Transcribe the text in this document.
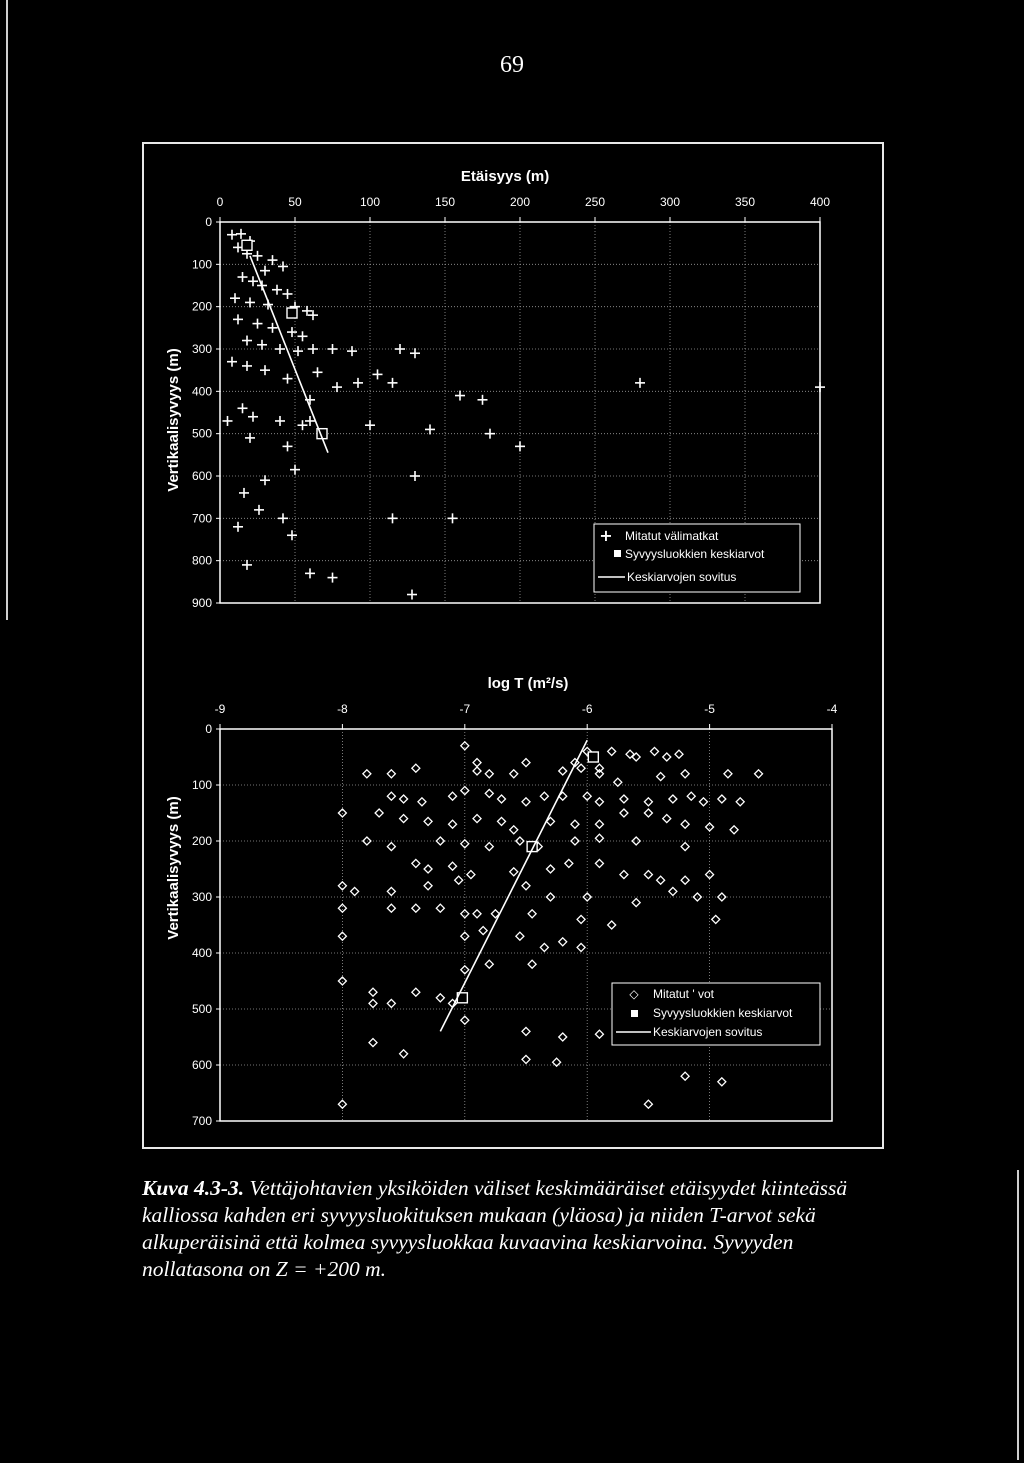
69
Etäisyys (m)
Vertikaalisyvyys (m)
0	50	100	150	200	250	300	350	400
0
100
200
300
400
500
600
700
800
900
+ Mitatut välimatkat
Syvyysluokkien keskiarvot
Keskiarvojen sovitus
log T (m²/s)
Vertikaalisyvyys (m)
-9	-8	-7	-6	-5	-4
0
100
200
300
400
500
600
700
◇ Mitatut ' vot
Syvyysluokkien keskiarvot
Keskiarvojen sovitus
Kuva 4.3-3. Vettäjohtavien yksiköiden väliset keskimääräiset etäisyydet kiinteässä kalliossa kahden eri syvyysluokituksen mukaan (yläosa) ja niiden T-arvot sekä alkuperäisinä että kolmea syvyysluokkaa kuvaavina keskiarvoina. Syvyyden nollatasona on Z = +200 m.
